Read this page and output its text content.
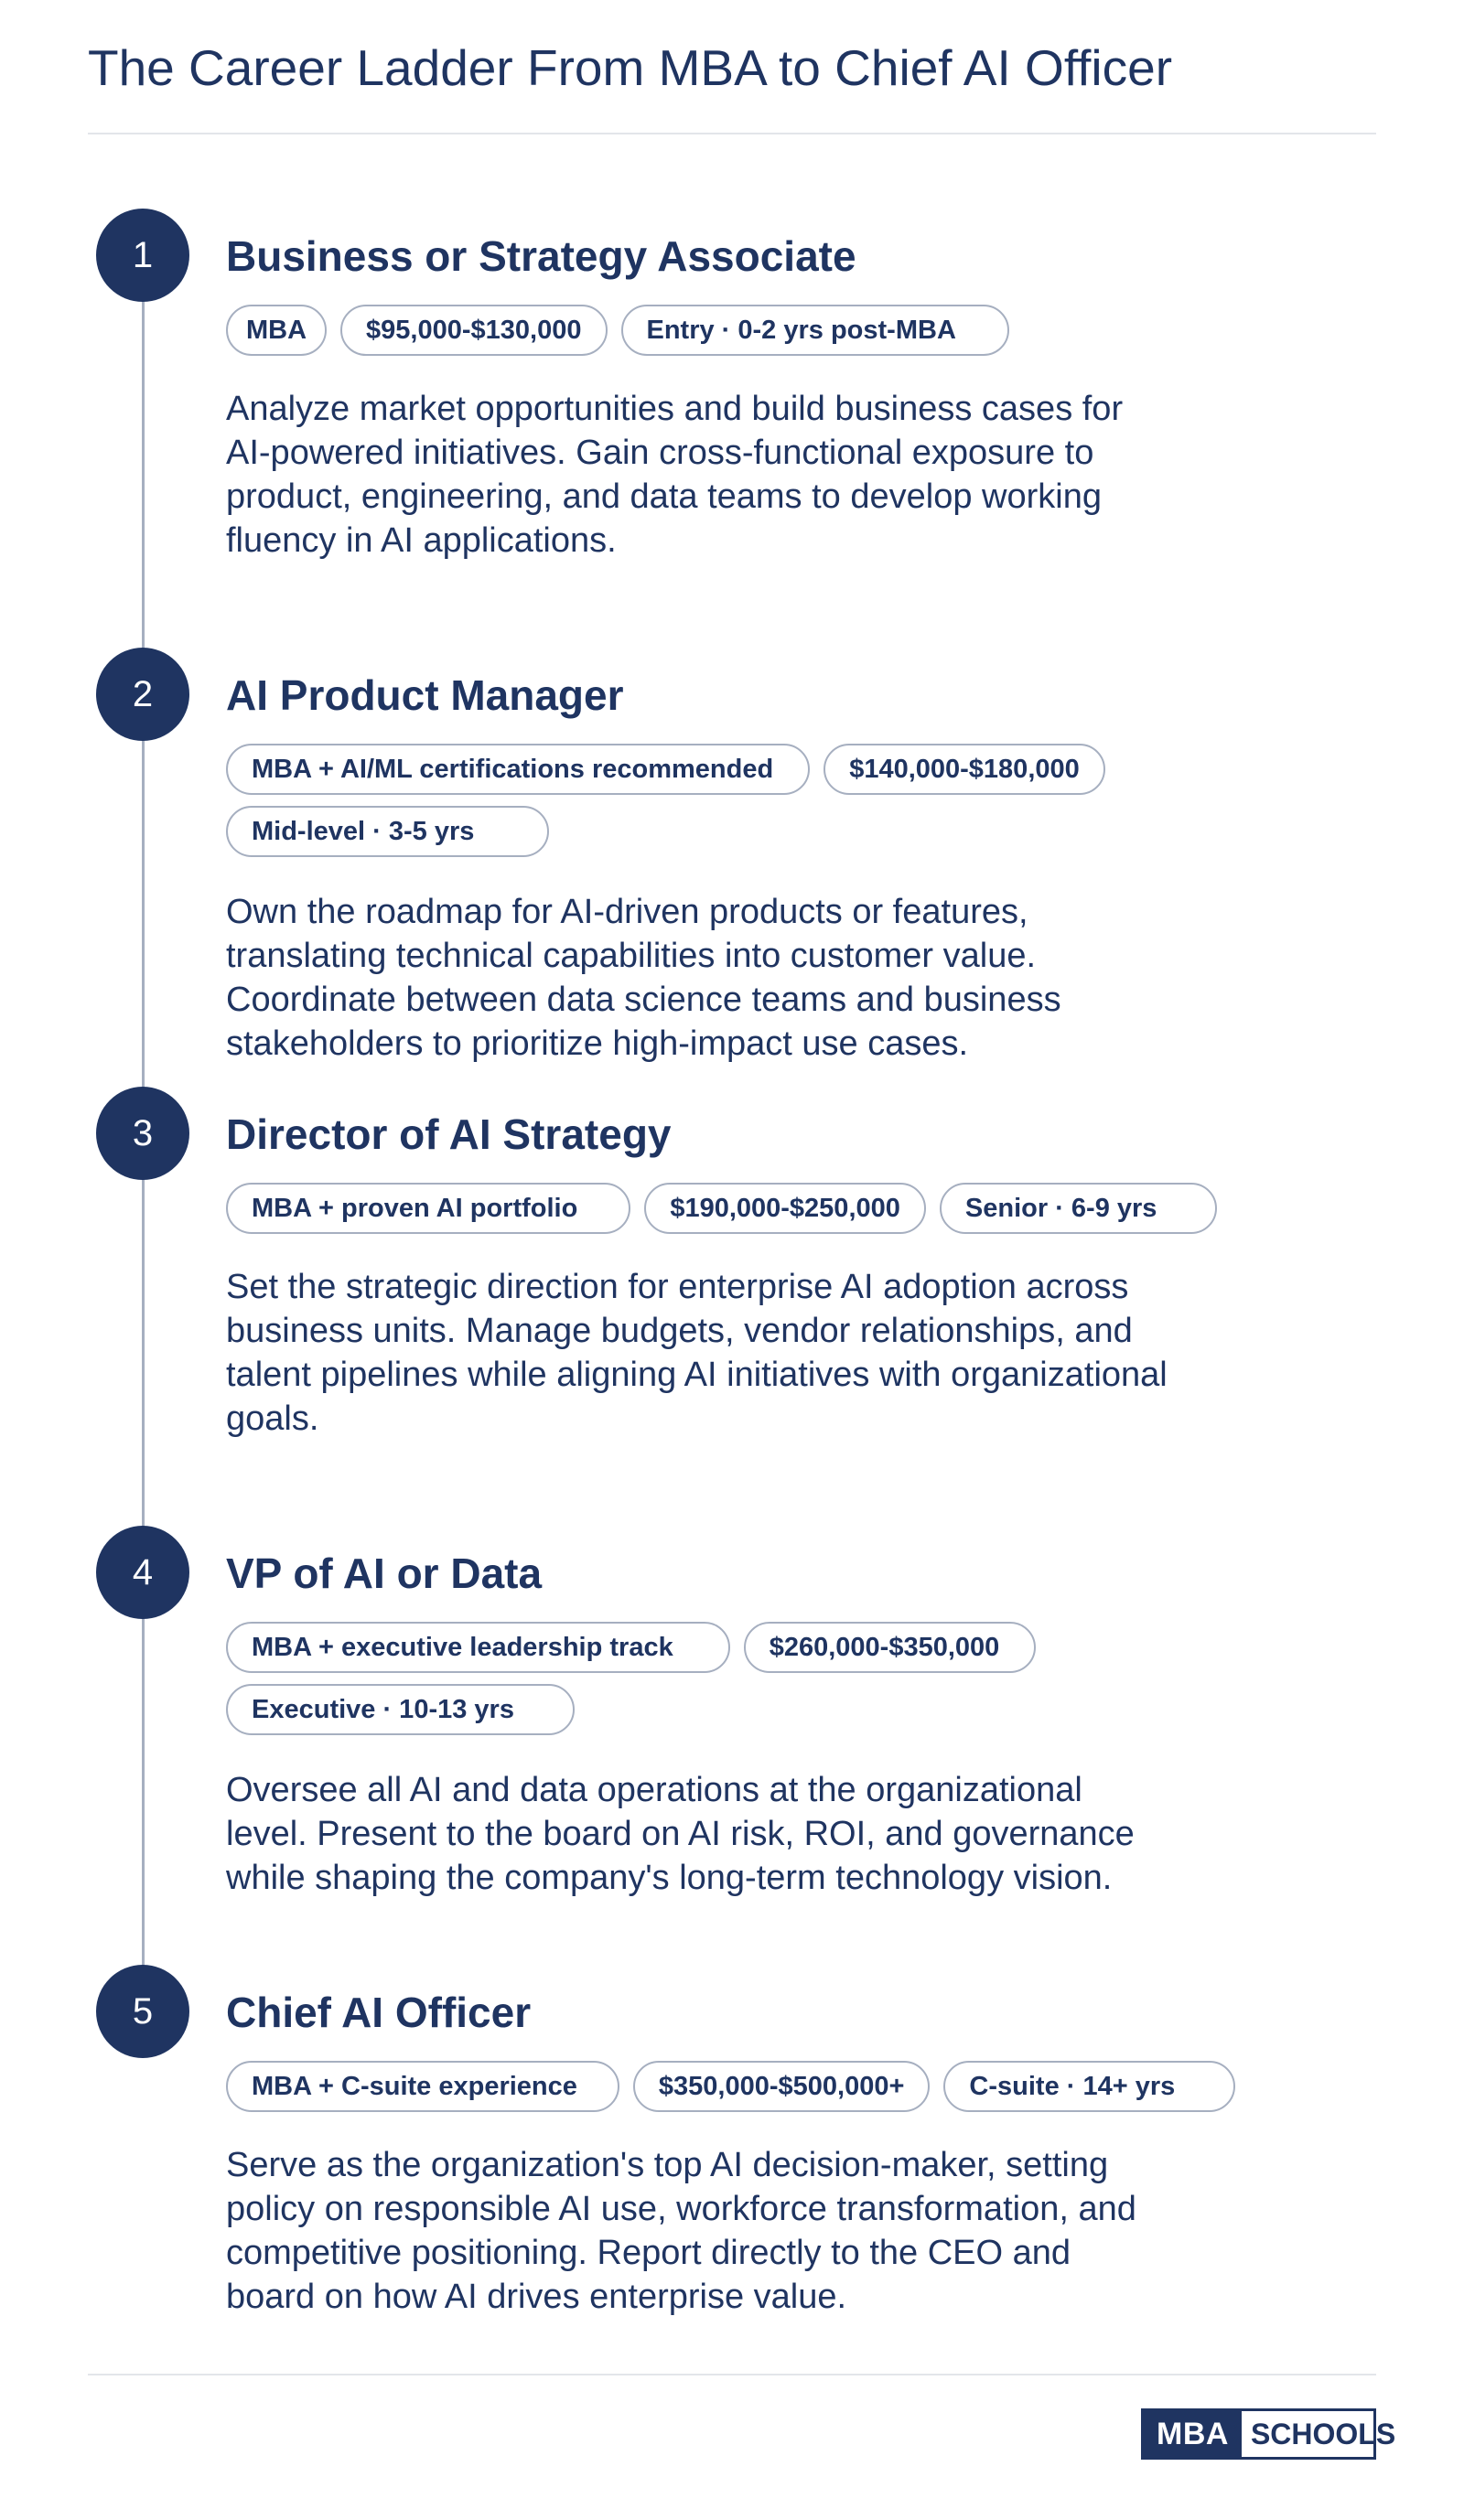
The Career Ladder From MBA to Chief AI Officer
1	Business or Strategy Associate
MBA	$95,000-$130,000	Entry · 0-2 yrs post-MBA
Analyze market opportunities and build business cases for AI-powered initiatives. Gain cross-functional exposure to product, engineering, and data teams to develop working fluency in AI applications.
2	AI Product Manager
MBA + AI/ML certifications recommended	$140,000-$180,000
Mid-level · 3-5 yrs
Own the roadmap for AI-driven products or features, translating technical capabilities into customer value. Coordinate between data science teams and business stakeholders to prioritize high-impact use cases.
3	Director of AI Strategy
MBA + proven AI portfolio	$190,000-$250,000	Senior · 6-9 yrs
Set the strategic direction for enterprise AI adoption across business units. Manage budgets, vendor relationships, and talent pipelines while aligning AI initiatives with organizational goals.
4	VP of AI or Data
MBA + executive leadership track	$260,000-$350,000
Executive · 10-13 yrs
Oversee all AI and data operations at the organizational level. Present to the board on AI risk, ROI, and governance while shaping the company's long-term technology vision.
5	Chief AI Officer
MBA + C-suite experience	$350,000-$500,000+	C-suite · 14+ yrs
Serve as the organization's top AI decision-maker, setting policy on responsible AI use, workforce transformation, and competitive positioning. Report directly to the CEO and board on how AI drives enterprise value.
MBA SCHOOLS
